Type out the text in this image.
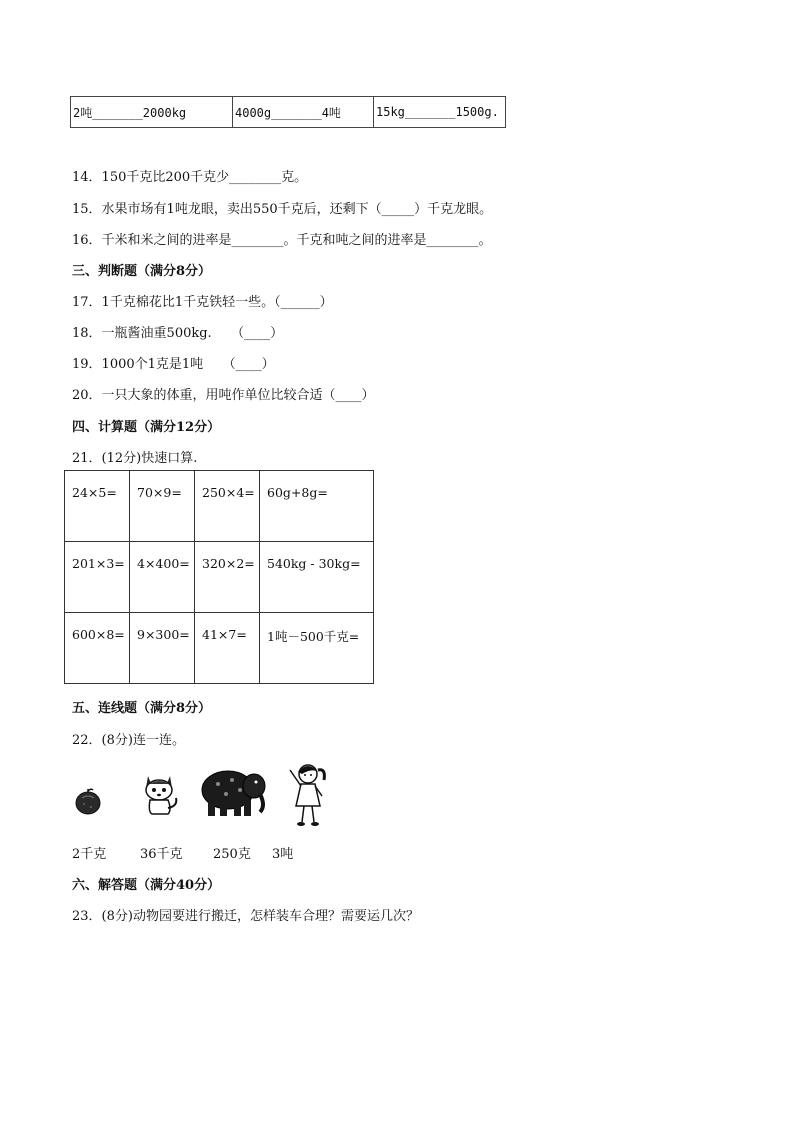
2吨_______2000kg	4000g_______4吨	15kg_______1500g.
14．150千克比200千克少________克。
15．水果市场有1吨龙眼，卖出550千克后，还剩下（_____）千克龙眼。
16．千米和米之间的进率是________。千克和吨之间的进率是________。
三、判断题（满分8分）
17．1千克棉花比1千克铁轻一些。（______）
18．一瓶酱油重500kg.　　（____）
19．1000个1克是1吨　　（____）
20．一只大象的体重，用吨作单位比较合适（____）
四、计算题（满分12分）
21．(12分)快速口算.
24×5=	70×9=	250×4=	60g+8g=
201×3=	4×400=	320×2=	540kg - 30kg=
600×8=	9×300=	41×7=	1吨－500千克=
五、连线题（满分8分）
22．(8分)连一连。
2千克	36千克 250克 3吨
六、解答题（满分40分）
23．(8分)动物园要进行搬迁，怎样装车合理？需要运几次？
